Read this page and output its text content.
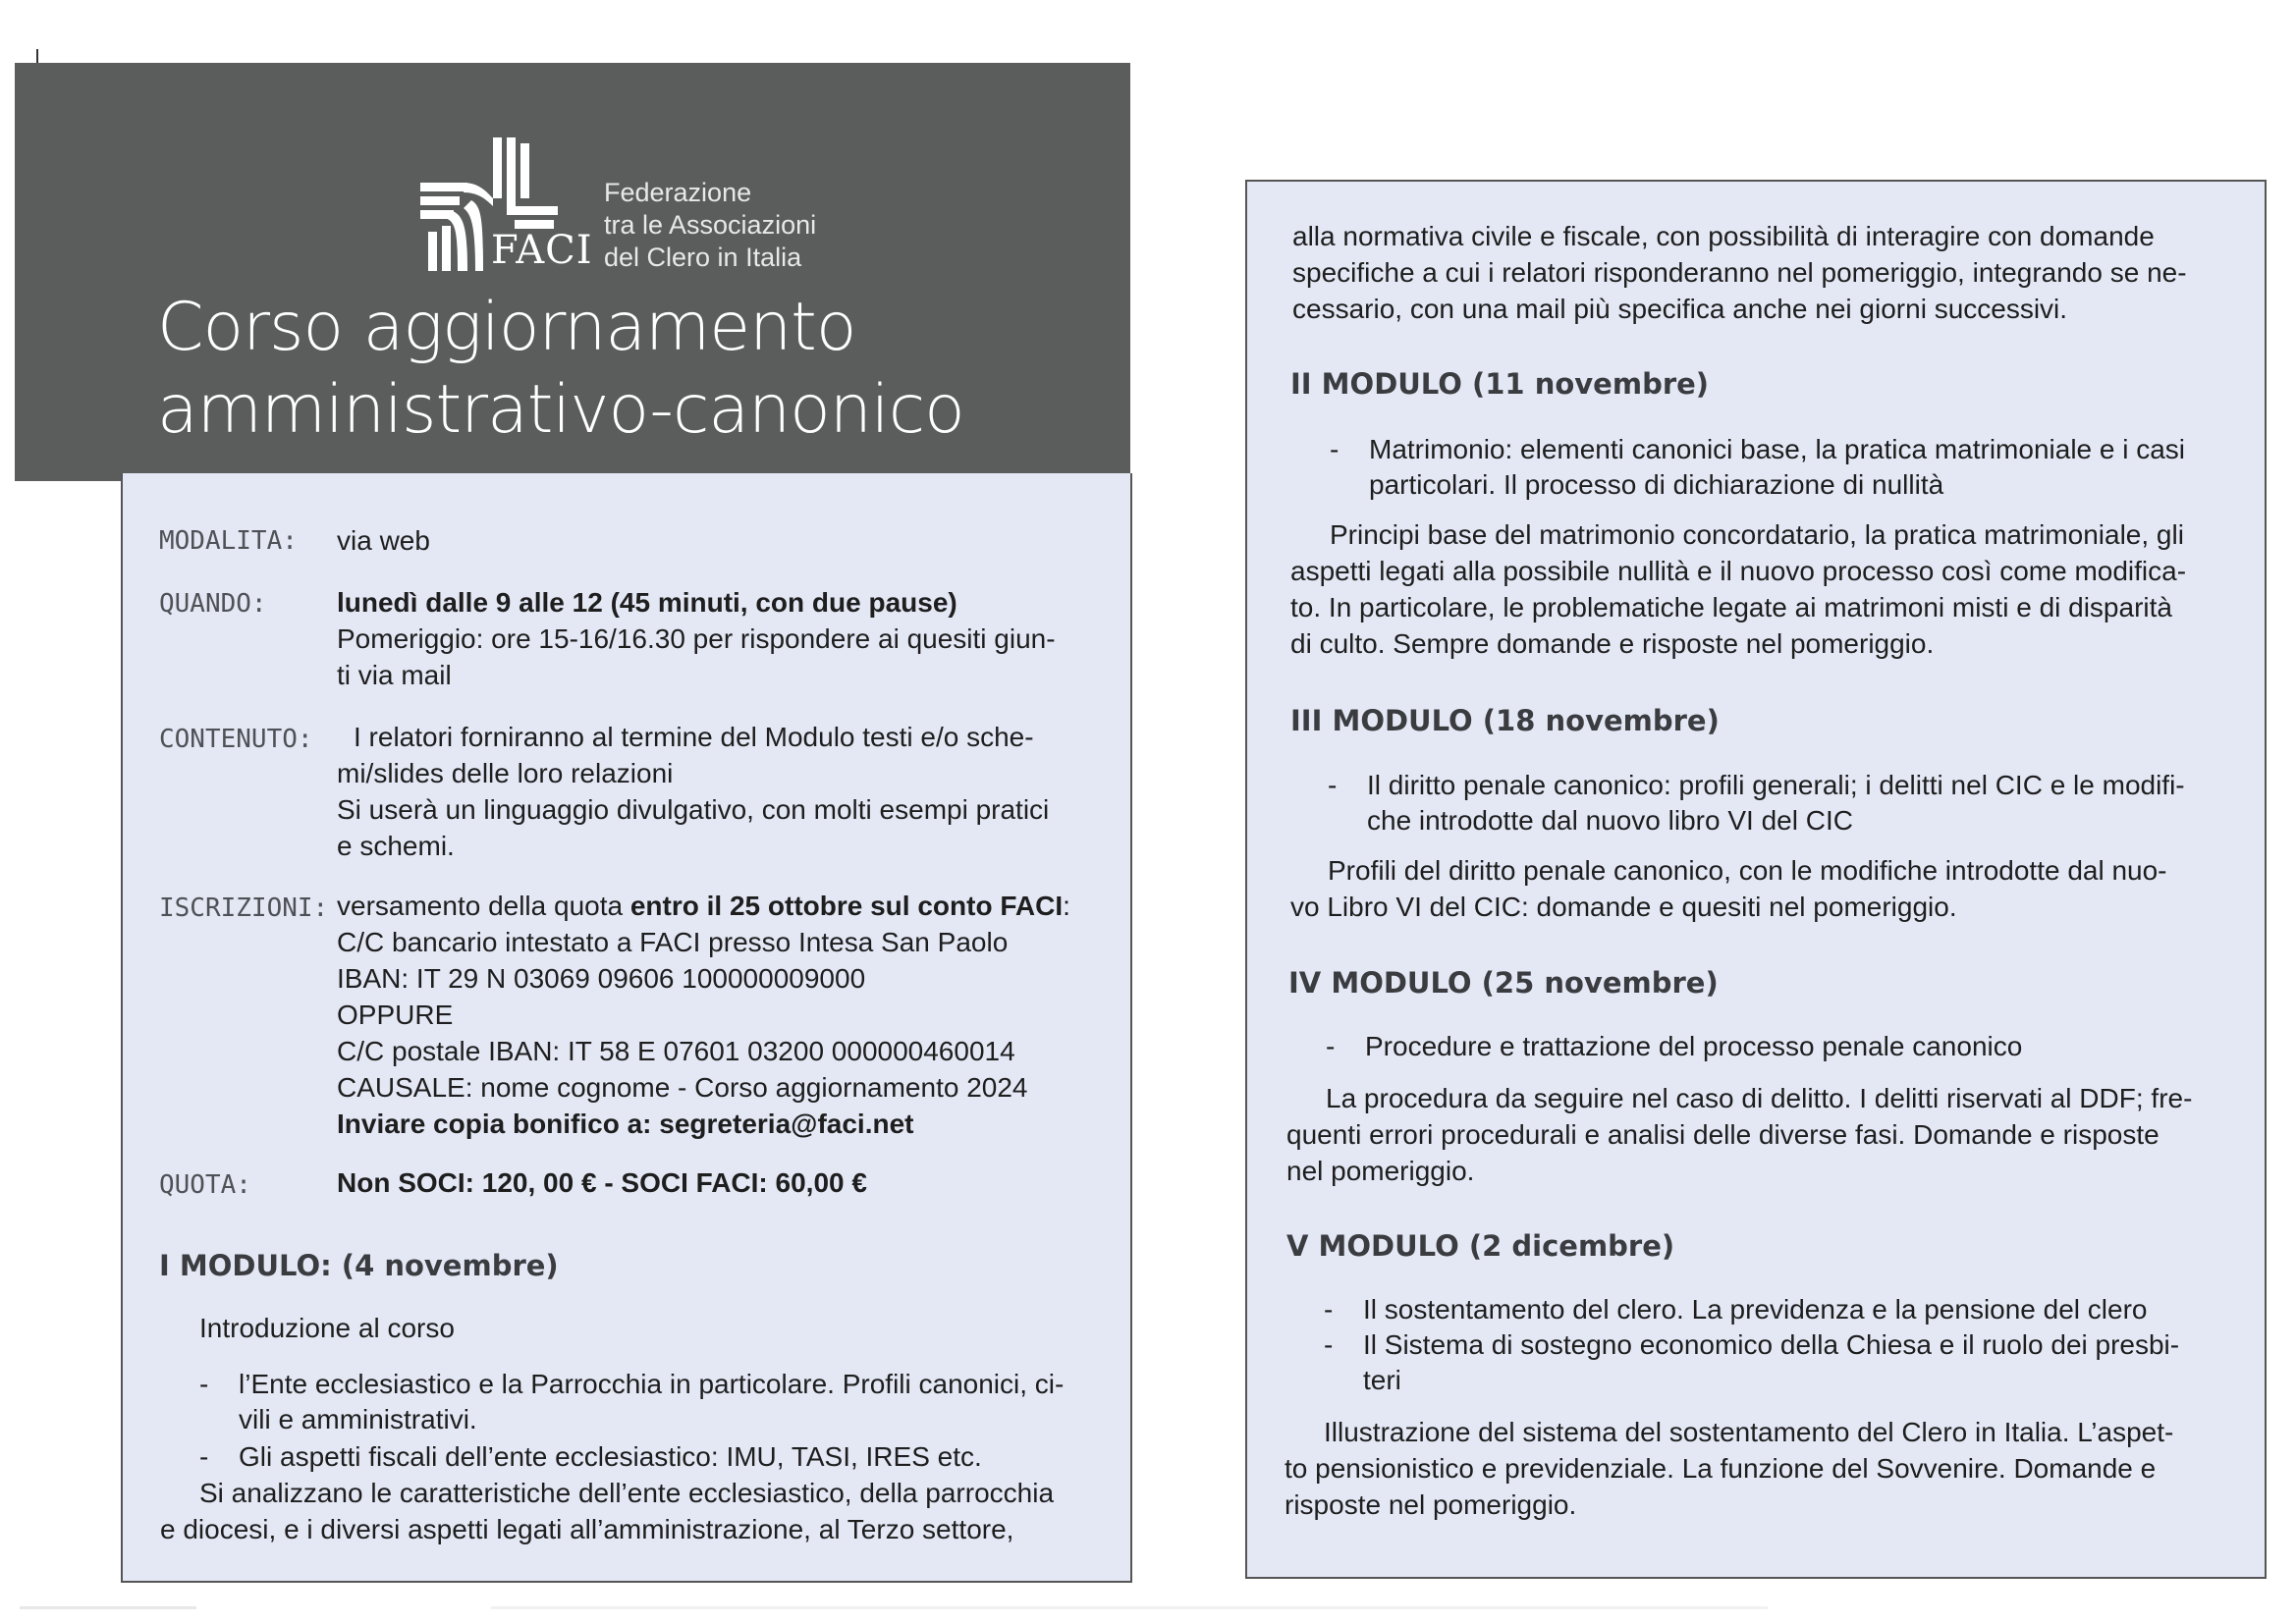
FACI
Federazione
tra le Associazioni
del Clero in Italia
Corso aggiornamento
amministrativo-canonico
MODALITA: via web
QUANDO:	lunedì dalle 9 alle 12 (45 minuti, con due pause)
Pomeriggio: ore 15-16/16.30 per rispondere ai quesiti giun-
ti via mail
CONTENUTO: I relatori forniranno al termine del Modulo testi e/o sche-
mi/slides delle loro relazioni
Si userà un linguaggio divulgativo, con molti esempi pratici
e schemi.
ISCRIZIONI: versamento della quota entro il 25 ottobre sul conto FACI:
C/C bancario intestato a FACI presso Intesa San Paolo
IBAN: IT 29 N 03069 09606 100000009000
OPPURE
C/C postale IBAN: IT 58 E 07601 03200 000000460014
CAUSALE: nome cognome - Corso aggiornamento 2024
Inviare copia bonifico a: segreteria@faci.net
QUOTA:	Non SOCI: 120, 00 € - SOCI FACI: 60,00 €
I MODULO: (4 novembre)
Introduzione al corso
- l’Ente ecclesiastico e la Parrocchia in particolare. Profili canonici, ci-
vili e amministrativi.
- Gli aspetti fiscali dell’ente ecclesiastico: IMU, TASI, IRES etc.
Si analizzano le caratteristiche dell’ente ecclesiastico, della parrocchia
e diocesi, e i diversi aspetti legati all’amministrazione, al Terzo settore,
alla normativa civile e fiscale, con possibilità di interagire con domande
specifiche a cui i relatori risponderanno nel pomeriggio, integrando se ne-
cessario, con una mail più specifica anche nei giorni successivi.
II MODULO (11 novembre)
- Matrimonio: elementi canonici base, la pratica matrimoniale e i casi
particolari. Il processo di dichiarazione di nullità
Principi base del matrimonio concordatario, la pratica matrimoniale, gli
aspetti legati alla possibile nullità e il nuovo processo così come modifica-
to. In particolare, le problematiche legate ai matrimoni misti e di disparità
di culto. Sempre domande e risposte nel pomeriggio.
III MODULO (18 novembre)
- Il diritto penale canonico: profili generali; i delitti nel CIC e le modifi-
che introdotte dal nuovo libro VI del CIC
Profili del diritto penale canonico, con le modifiche introdotte dal nuo-
vo Libro VI del CIC: domande e quesiti nel pomeriggio.
IV MODULO (25 novembre)
- Procedure e trattazione del processo penale canonico
La procedura da seguire nel caso di delitto. I delitti riservati al DDF; fre-
quenti errori procedurali e analisi delle diverse fasi. Domande e risposte
nel pomeriggio.
V MODULO (2 dicembre)
- Il sostentamento del clero. La previdenza e la pensione del clero
- Il Sistema di sostegno economico della Chiesa e il ruolo dei presbi-
teri
Illustrazione del sistema del sostentamento del Clero in Italia. L’aspet-
to pensionistico e previdenziale. La funzione del Sovvenire. Domande e
risposte nel pomeriggio.
